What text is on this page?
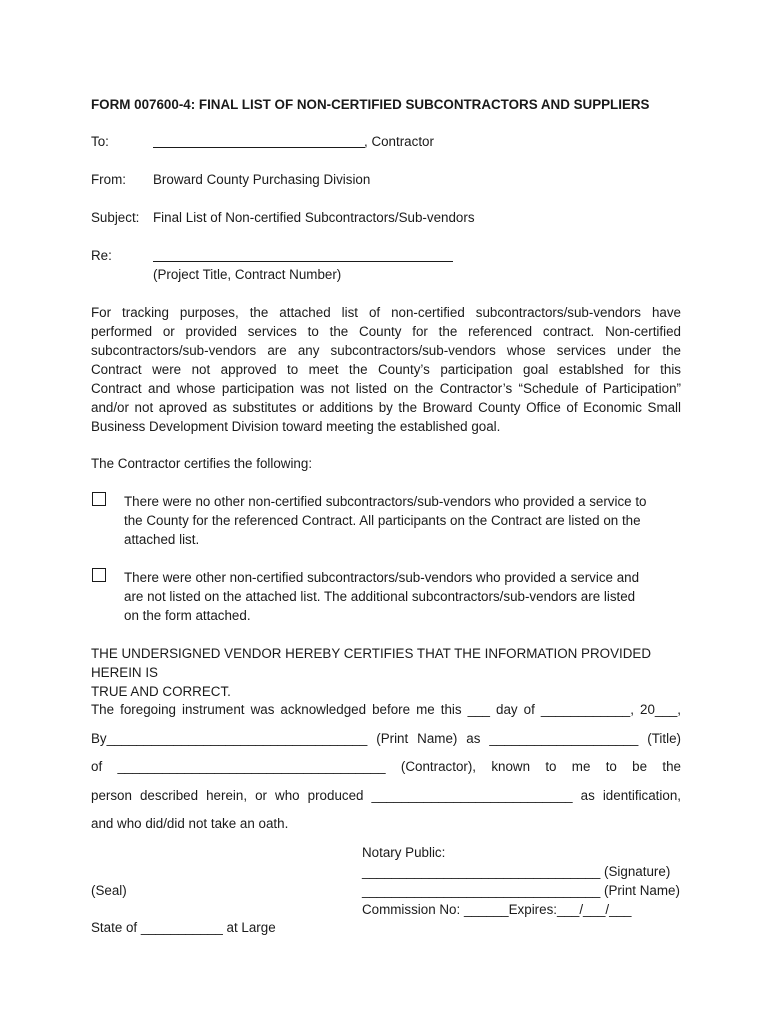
FORM 007600-4: FINAL LIST OF NON-CERTIFIED SUBCONTRACTORS AND SUPPLIERS
To:	, Contractor
From: Broward County Purchasing Division
Subject: Final List of Non-certified Subcontractors/Sub-vendors
Re:
(Project Title, Contract Number)
For tracking purposes, the attached list of non-certified subcontractors/sub-vendors have
performed or provided services to the County for the referenced contract. Non-certified
subcontractors/sub-vendors are any subcontractors/sub-vendors whose services under the
Contract were not approved to meet the County’s participation goal establshed for this
Contract and whose participation was not listed on the Contractor’s “Schedule of Participation”
and/or not aproved as substitutes or additions by the Broward County Office of Economic Small
Business Development Division toward meeting the established goal.
The Contractor certifies the following:
There were no other non-certified subcontractors/sub-vendors who provided a service to
the County for the referenced Contract. All participants on the Contract are listed on the
attached list.
There were other non-certified subcontractors/sub-vendors who provided a service and
are not listed on the attached list. The additional subcontractors/sub-vendors are listed
on the form attached.
THE UNDERSIGNED VENDOR HEREBY CERTIFIES THAT THE INFORMATION PROVIDED HEREIN IS
TRUE AND CORRECT.
The foregoing instrument was acknowledged before me this ___ day of ____________, 20___,
By___________________________________ (Print Name) as ____________________ (Title)
of ____________________________________ (Contractor), known to me to be the
person described herein, or who produced ___________________________ as identification,
and who did/did not take an oath.
Notary Public:
________________________________ (Signature)
(Seal)	________________________________ (Print Name)
Commission No: ______Expires:___/___/___
State of ___________ at Large
